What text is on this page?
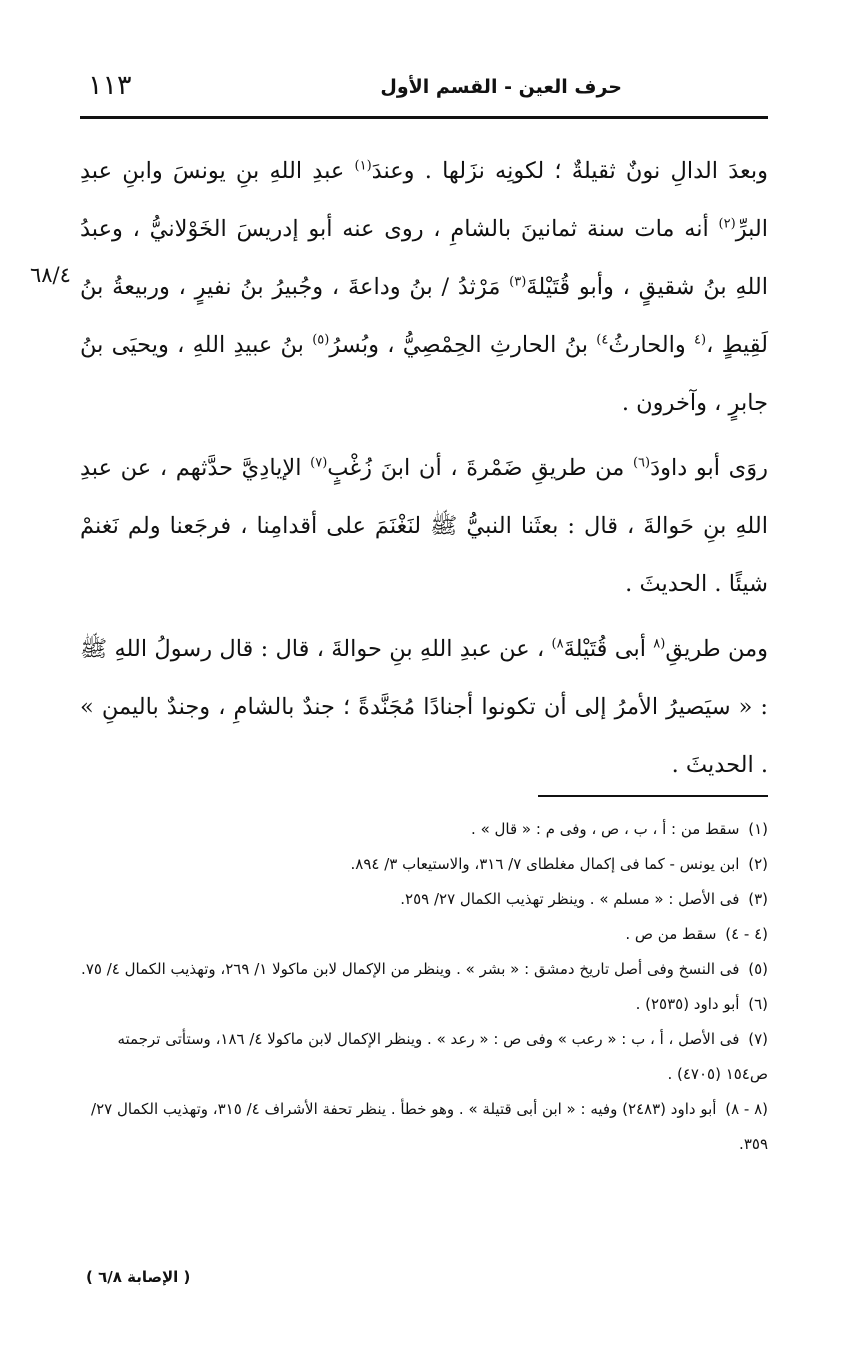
١١٣	حرف العين - القسم الأول
٦٨/٤

وبعدَ الدالِ نونٌ ثقيلةٌ ؛ لكونِه نزَلها . وعندَ$^{(١)}$ عبدِ اللهِ بنِ يونسَ وابنِ عبدِ البرِّ$^{(٢)}$ أنه مات سنة ثمانينَ بالشامِ ، روى عنه أبو إدريسَ الخَوْلانيُّ ، وعبدُ اللهِ بنُ شقيقٍ ، وأبو قُتَيْلةَ$^{(٣)}$ مَرْثدُ / بنُ وداعةَ ، وجُبيرُ بنُ نفيرٍ ، وربيعةُ بنُ لَقِيطٍ ،$^{(٤}$ والحارثُ$^{٤)}$ بنُ الحارثِ الحِمْصِيُّ ، وبُسرُ$^{(٥)}$ بنُ عبيدِ اللهِ ، ويحيَى بنُ جابرٍ ، وآخرون .

روَى أبو داودَ$^{(٦)}$ من طريقِ ضَمْرةَ ، أن ابنَ زُغْبٍ$^{(٧)}$ الإيادِيَّ حدَّثهم ، عن عبدِ اللهِ بنِ حَوالةَ ، قال : بعثَنا النبيُّ ﷺ لنَغْنَمَ على أقدامِنا ، فرجَعنا ولم نَغنمْ شيئًا . الحديثَ .

ومن طريقِ$^{(٨}$ أبى قُتَيْلةَ$^{٨)}$ ، عن عبدِ اللهِ بنِ حوالةَ ، قال : قال رسولُ اللهِ ﷺ : « سيَصيرُ الأمرُ إلى أن تكونوا أجنادًا مُجَنَّدةً ؛ جندٌ بالشامِ ، وجندٌ باليمنِ » . الحديثَ .

(١) سقط من : أ ، ب ، ص ، وفى م : « قال » .
(٢) ابن يونس - كما فى إكمال مغلطاى ٧/ ٣١٦، والاستيعاب ٣/ ٨٩٤.
(٣) فى الأصل : « مسلم » . وينظر تهذيب الكمال ٢٧/ ٢٥٩.
(٤ - ٤) سقط من ص .
(٥) فى النسخ وفى أصل تاريخ دمشق : « بشر » . وينظر من الإكمال لابن ماكولا ١/ ٢٦٩، وتهذيب الكمال ٤/ ٧٥.
(٦) أبو داود (٢٥٣٥) .
(٧) فى الأصل ، أ ، ب : « رعب » وفى ص : « رعد » . وينظر الإكمال لابن ماكولا ٤/ ١٨٦، وستأتى ترجمته ص١٥٤ (٤٧٠٥) .
(٨ - ٨) أبو داود (٢٤٨٣) وفيه : « ابن أبى قتيلة » . وهو خطأ . ينظر تحفة الأشراف ٤/ ٣١٥، وتهذيب الكمال ٢٧/ ٣٥٩.
( الإصابة ٦/٨ )
